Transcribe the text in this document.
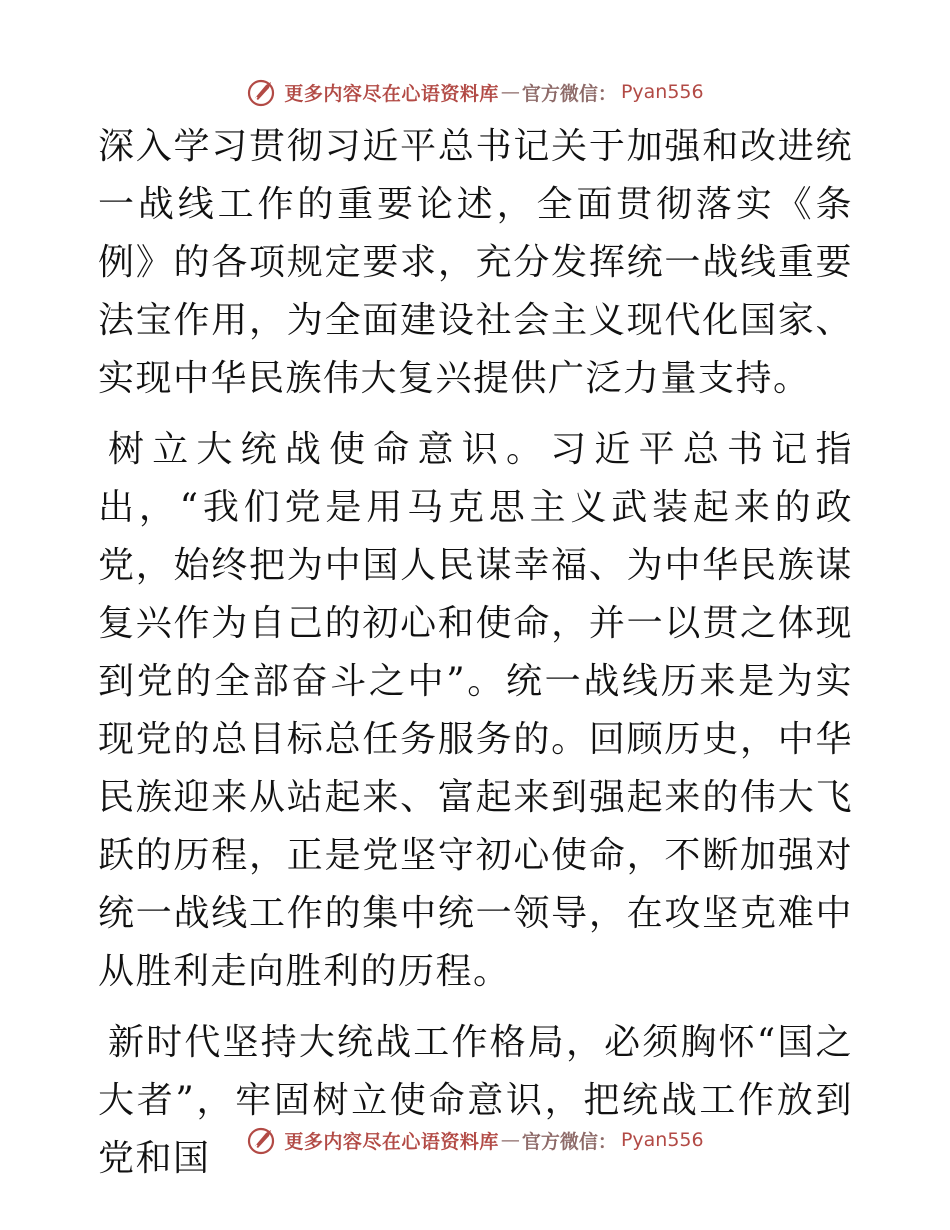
更多内容尽在心语资料库 — 官方微信： Pyan556

深入学习贯彻习近平总书记关于加强和改进统一战线工作的重要论述，全面贯彻落实《条例》的各项规定要求，充分发挥统一战线重要法宝作用，为全面建设社会主义现代化国家、实现中华民族伟大复兴提供广泛力量支持。

树立大统战使命意识。习近平总书记指出，“我们党是用马克思主义武装起来的政党，始终把为中国人民谋幸福、为中华民族谋复兴作为自己的初心和使命，并一以贯之体现到党的全部奋斗之中”。统一战线历来是为实现党的总目标总任务服务的。回顾历史，中华民族迎来从站起来、富起来到强起来的伟大飞跃的历程，正是党坚守初心使命，不断加强对统一战线工作的集中统一领导，在攻坚克难中从胜利走向胜利的历程。

新时代坚持大统战工作格局，必须胸怀“国之大者”，牢固树立使命意识，把统战工作放到党和国	更多内容尽在心语资料库 — 官方微信： Pyan556
